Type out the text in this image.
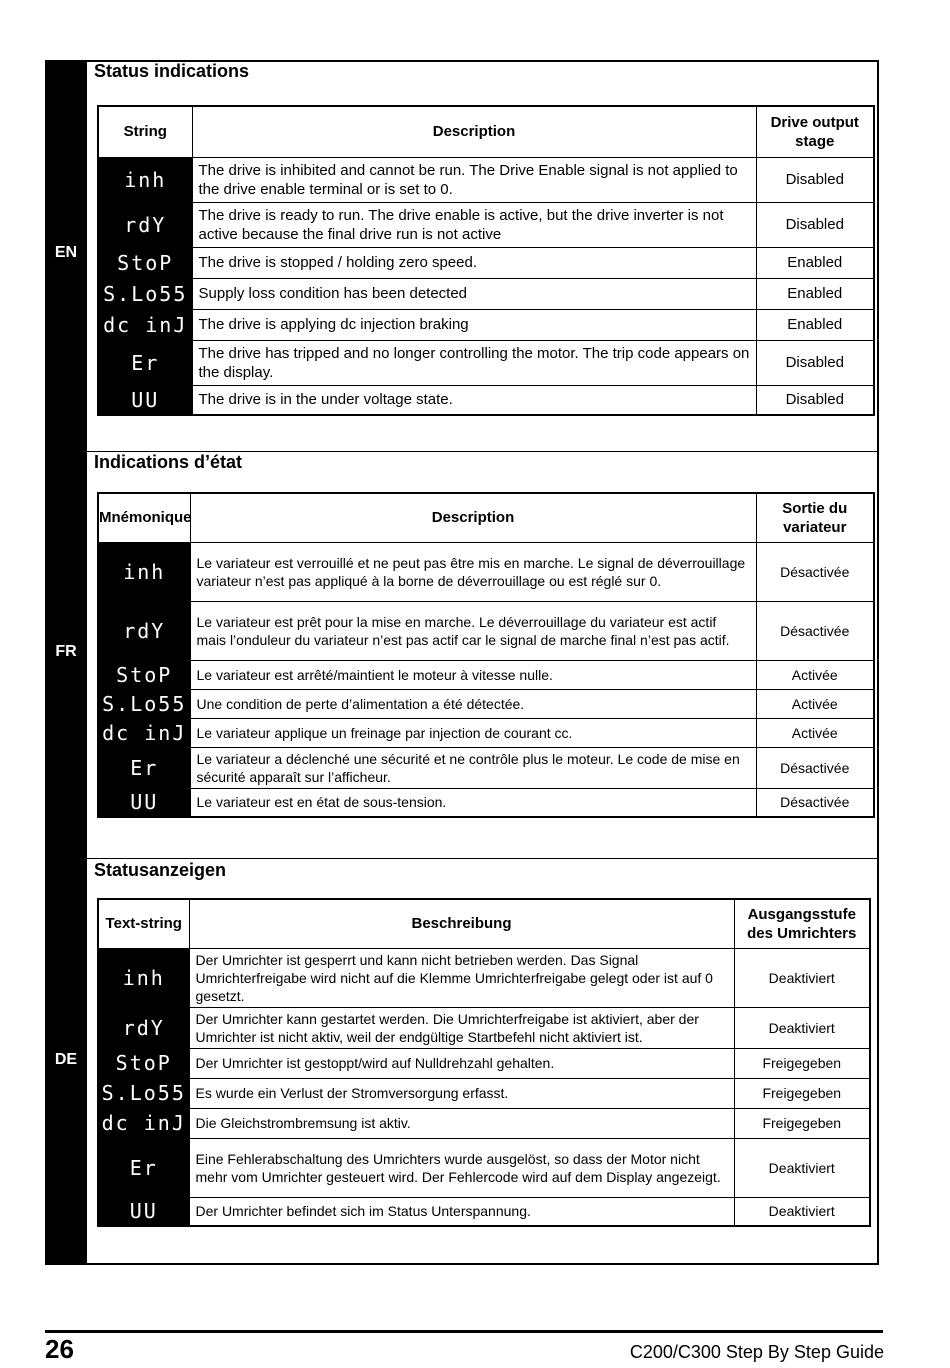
EN
FR
DE
Status indications
String	Description	Drive output stage
inh	The drive is inhibited and cannot be run. The Drive Enable signal is not applied to the drive enable terminal or is set to 0.	Disabled
rdY	The drive is ready to run. The drive enable is active, but the drive inverter is not active because the final drive run is not active	Disabled
StoP	The drive is stopped / holding zero speed.	Enabled
S.Lo55	Supply loss condition has been detected	Enabled
dc inJ	The drive is applying dc injection braking	Enabled
Er	The drive has tripped and no longer controlling the motor. The trip code appears on the display.	Disabled
UU	The drive is in the under voltage state.	Disabled
Indications d’état
Mnémonique	Description	Sortie du variateur
inh	Le variateur est verrouillé et ne peut pas être mis en marche. Le signal de déverrouillage variateur n’est pas appliqué à la borne de déverrouillage ou est réglé sur 0.	Désactivée
rdY	Le variateur est prêt pour la mise en marche. Le déverrouillage du variateur est actif mais l’onduleur du variateur n’est pas actif car le signal de marche final n’est pas actif.	Désactivée
StoP	Le variateur est arrêté/maintient le moteur à vitesse nulle.	Activée
S.Lo55	Une condition de perte d’alimentation a été détectée.	Activée
dc inJ	Le variateur applique un freinage par injection de courant cc.	Activée
Er	Le variateur a déclenché une sécurité et ne contrôle plus le moteur. Le code de mise en sécurité apparaît sur l’afficheur.	Désactivée
UU	Le variateur est en état de sous-tension.	Désactivée
Statusanzeigen
Text-string	Beschreibung	Ausgangsstufe des Umrichters
inh	Der Umrichter ist gesperrt und kann nicht betrieben werden. Das Signal Umrichterfreigabe wird nicht auf die Klemme Umrichterfreigabe gelegt oder ist auf 0 gesetzt.	Deaktiviert
rdY	Der Umrichter kann gestartet werden. Die Umrichterfreigabe ist aktiviert, aber der Umrichter ist nicht aktiv, weil der endgültige Startbefehl nicht aktiviert ist.	Deaktiviert
StoP	Der Umrichter ist gestoppt/wird auf Nulldrehzahl gehalten.	Freigegeben
S.Lo55	Es wurde ein Verlust der Stromversorgung erfasst.	Freigegeben
dc inJ	Die Gleichstrombremsung ist aktiv.	Freigegeben
Er	Eine Fehlerabschaltung des Umrichters wurde ausgelöst, so dass der Motor nicht mehr vom Umrichter gesteuert wird. Der Fehlercode wird auf dem Display angezeigt.	Deaktiviert
UU	Der Umrichter befindet sich im Status Unterspannung.	Deaktiviert
26	C200/C300 Step By Step Guide
